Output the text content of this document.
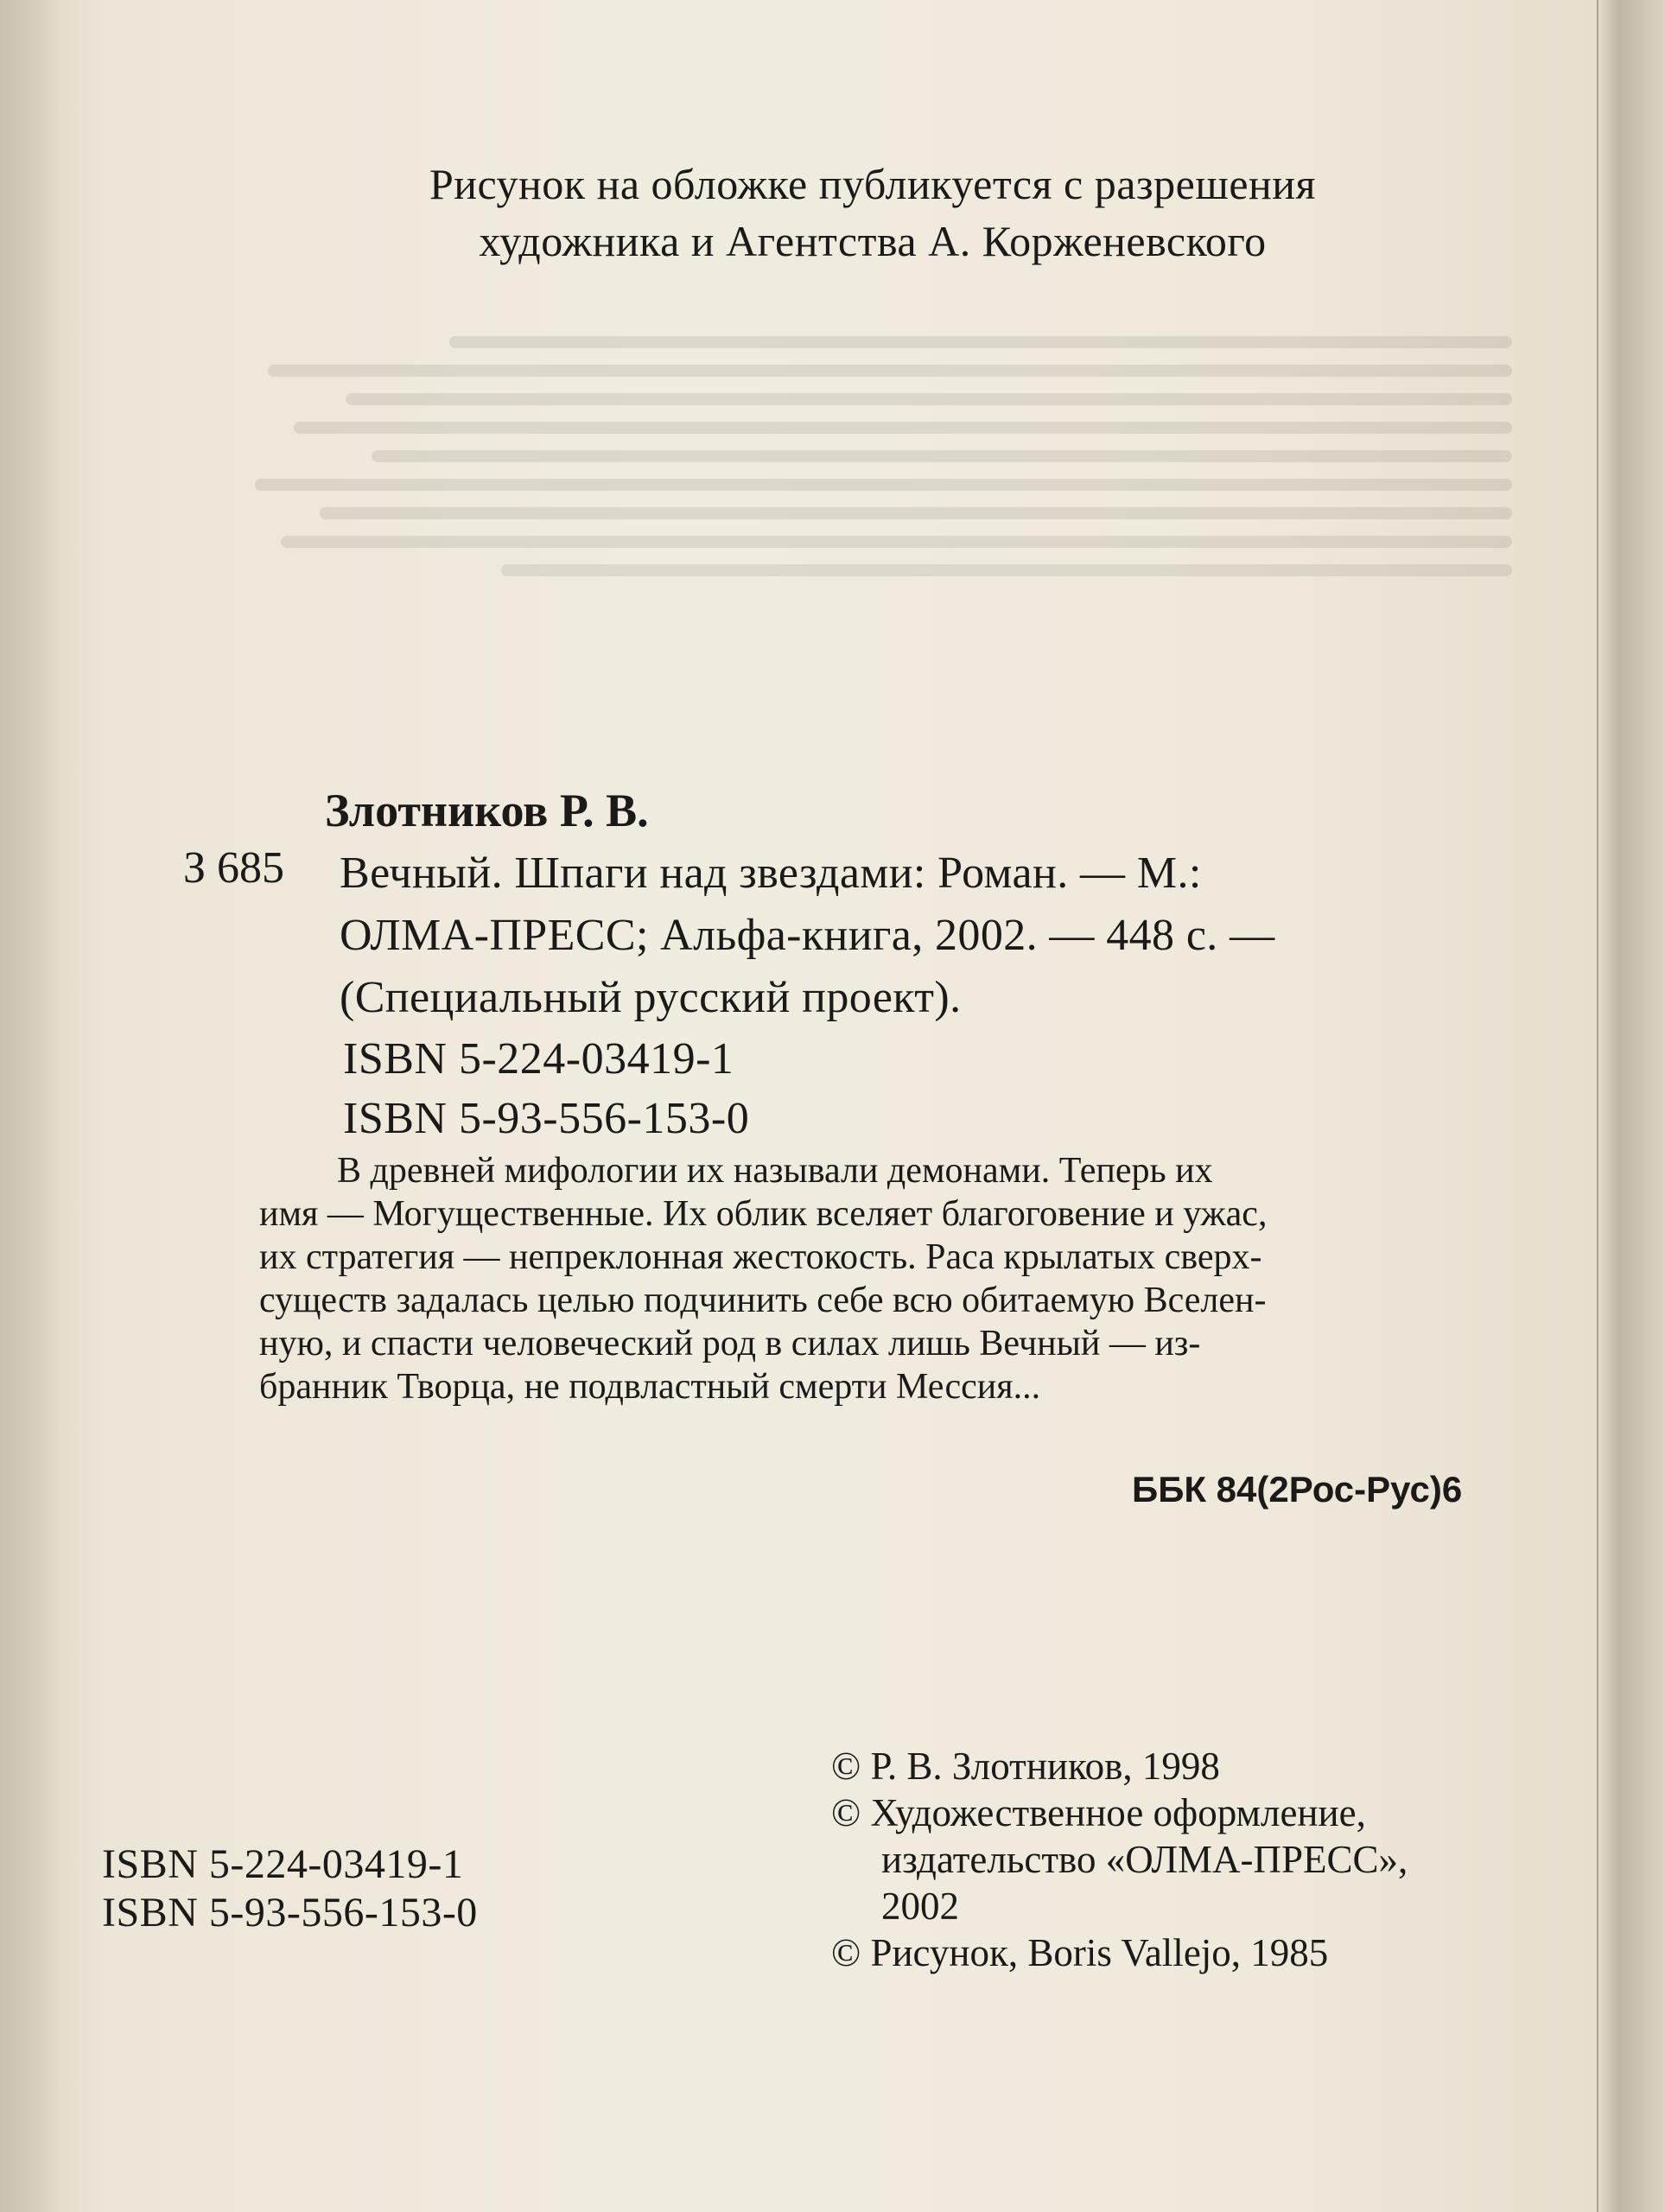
Рисунок на обложке публикуется с разрешения
художника и Агентства А. Корженевского
Злотников Р. В.
З 685 Вечный. Шпаги над звездами: Роман. — М.:
ОЛМА-ПРЕСС; Альфа-книга, 2002. — 448 с. —
(Специальный русский проект).
ISBN 5-224-03419-1
ISBN 5-93-556-153-0
В древней мифологии их называли демонами. Теперь их
имя — Могущественные. Их облик вселяет благоговение и ужас,
их стратегия — непреклонная жестокость. Раса крылатых сверх-
существ задалась целью подчинить себе всю обитаемую Вселен-
ную, и спасти человеческий род в силах лишь Вечный — из-
бранник Творца, не подвластный смерти Мессия...
ББК 84(2Рос-Рус)6
© Р. В. Злотников, 1998
© Художественное оформление,
издательство «ОЛМА-ПРЕСС»,
2002
© Рисунок, Boris Vallejo, 1985
ISBN 5-224-03419-1
ISBN 5-93-556-153-0
